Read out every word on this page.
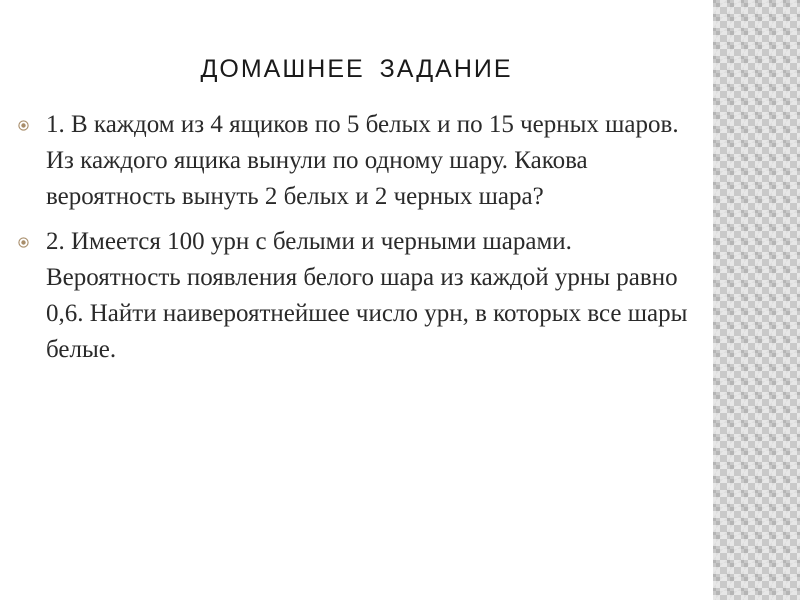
ДОМАШНЕЕ ЗАДАНИЕ
1. В каждом из 4 ящиков по 5 белых и по 15 черных шаров. Из каждого ящика вынули по одному шару. Какова вероятность вынуть 2 белых и 2 черных шара?
2. Имеется 100 урн с белыми и черными шарами. Вероятность появления белого шара из каждой урны равно 0,6. Найти наивероятнейшее число урн, в которых все шары белые.
